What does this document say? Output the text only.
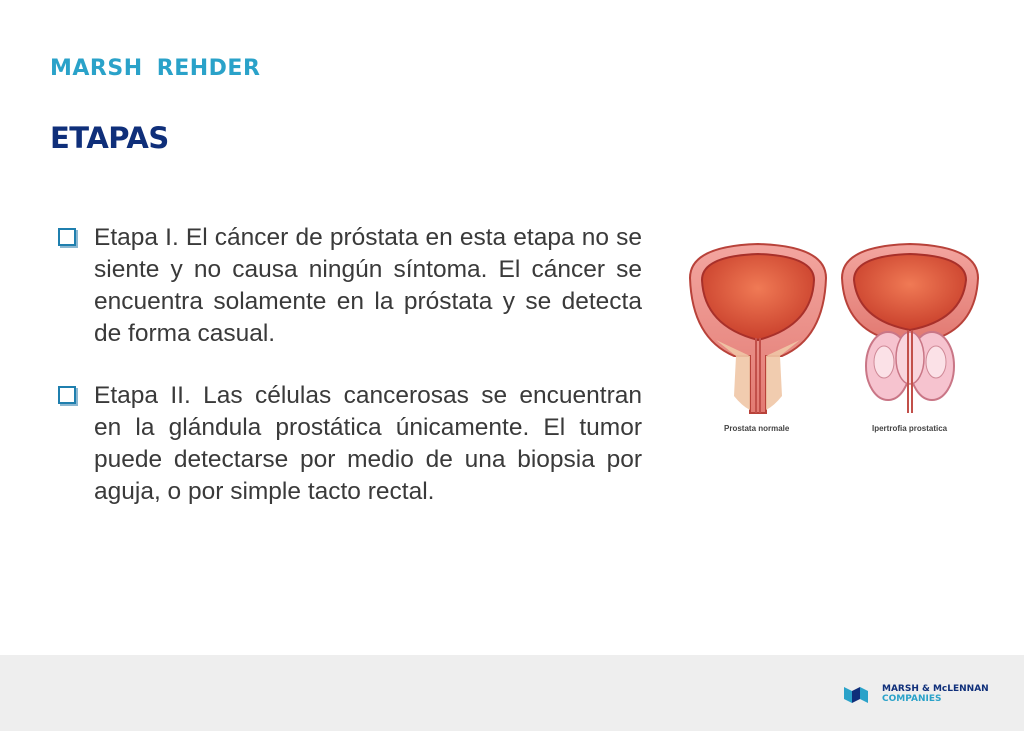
MARSH REHDER
ETAPAS
Etapa I. El cáncer de próstata en esta etapa no se siente y no causa ningún síntoma. El cáncer se encuentra solamente en la próstata y se detecta de forma casual.
Etapa II. Las células cancerosas se encuentran en la glándula prostática únicamente. El tumor puede detectarse por medio de una biopsia por aguja, o por simple tacto rectal.
Prostata normale	Ipertrofia prostatica
MARSH & McLENNAN
COMPANIES
